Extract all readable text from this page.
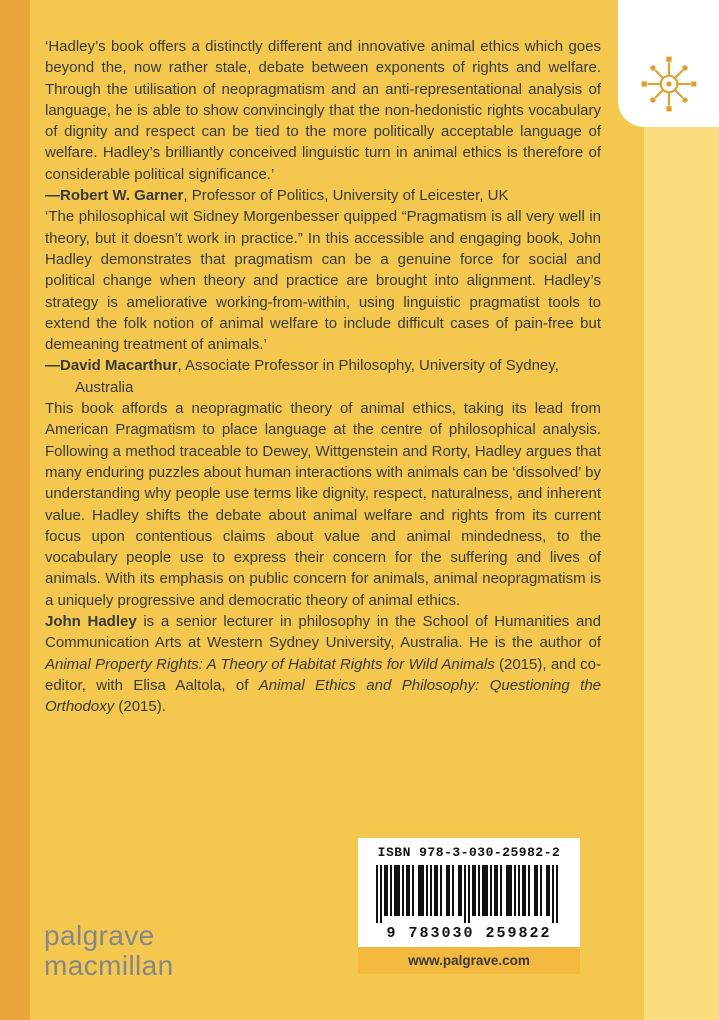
‘Hadley’s book offers a distinctly different and innovative animal ethics which goes beyond the, now rather stale, debate between exponents of rights and welfare. Through the utilisation of neopragmatism and an anti-representational analysis of language, he is able to show convincingly that the non-hedonistic rights vocabulary of dignity and respect can be tied to the more politically acceptable language of welfare. Hadley’s brilliantly conceived linguistic turn in animal ethics is therefore of considerable political significance.’

—Robert W. Garner, Professor of Politics, University of Leicester, UK

‘The philosophical wit Sidney Morgenbesser quipped “Pragmatism is all very well in theory, but it doesn’t work in practice.” In this accessible and engaging book, John Hadley demonstrates that pragmatism can be a genuine force for social and political change when theory and practice are brought into alignment. Hadley’s strategy is ameliorative working-from-within, using linguistic pragmatist tools to extend the folk notion of animal welfare to include difficult cases of pain-free but demeaning treatment of animals.’

—David Macarthur, Associate Professor in Philosophy, University of Sydney, Australia

This book affords a neopragmatic theory of animal ethics, taking its lead from American Pragmatism to place language at the centre of philosophical analysis. Following a method traceable to Dewey, Wittgenstein and Rorty, Hadley argues that many enduring puzzles about human interactions with animals can be ‘dissolved’ by understanding why people use terms like dignity, respect, naturalness, and inherent value. Hadley shifts the debate about animal welfare and rights from its current focus upon contentious claims about value and animal mindedness, to the vocabulary people use to express their concern for the suffering and lives of animals. With its emphasis on public concern for animals, animal neopragmatism is a uniquely progressive and democratic theory of animal ethics.

John Hadley is a senior lecturer in philosophy in the School of Humanities and Communication Arts at Western Sydney University, Australia. He is the author of Animal Property Rights: A Theory of Habitat Rights for Wild Animals (2015), and co-editor, with Elisa Aaltola, of Animal Ethics and Philosophy: Questioning the Orthodoxy (2015).

palgrave
macmillan
ISBN 978-3-030-25982-2
9 783030 259822
www.palgrave.com
